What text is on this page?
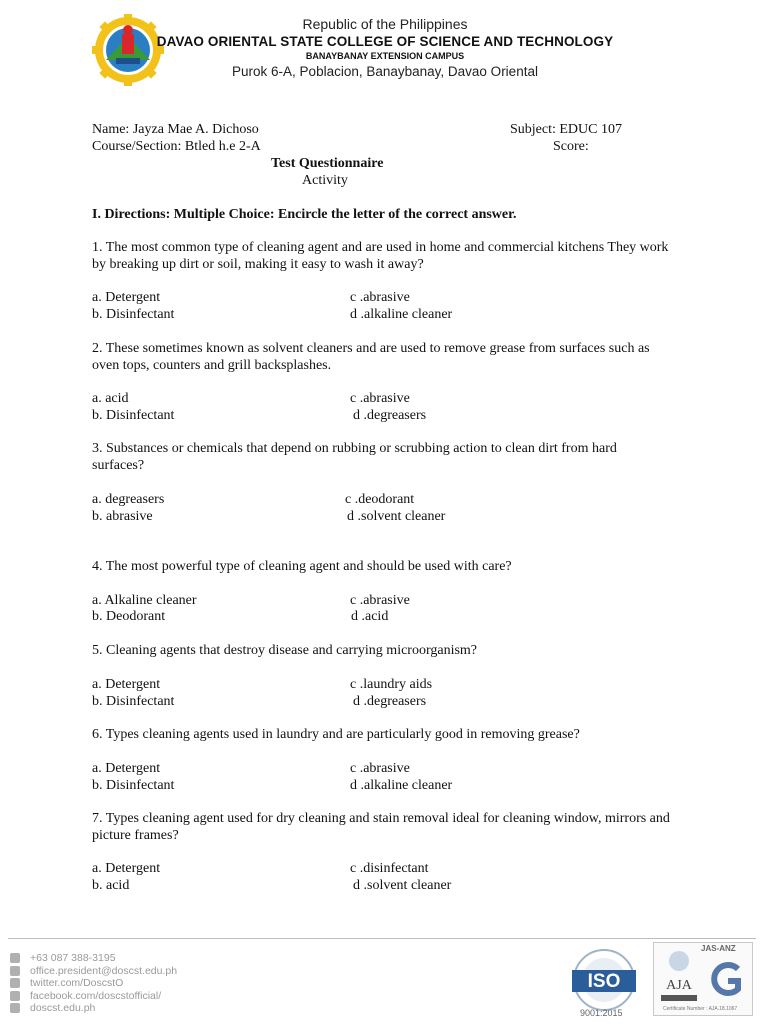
Republic of the Philippines
DAVAO ORIENTAL STATE COLLEGE OF SCIENCE AND TECHNOLOGY
BANAYBANAY EXTENSION CAMPUS
Purok 6-A, Poblacion, Banaybanay, Davao Oriental
Name: Jayza Mae A. Dichoso	Subject: EDUC 107
Course/Section: Btled h.e 2-A	Score:
Test Questionnaire
Activity
I. Directions: Multiple Choice: Encircle the letter of the correct answer.
1. The most common type of cleaning agent and are used in home and commercial kitchens They work by breaking up dirt or soil, making it easy to wash it away?
a. Detergent	c .abrasive
b. Disinfectant	d .alkaline cleaner
2. These sometimes known as solvent cleaners and are used to remove grease from surfaces such as oven tops, counters and grill backsplashes.
a. acid	c .abrasive
b. Disinfectant	d .degreasers
3. Substances or chemicals that depend on rubbing or scrubbing action to clean dirt from hard surfaces?
a. degreasers	c .deodorant
b. abrasive	d .solvent cleaner
4. The most powerful type of cleaning agent and should be used with care?
a. Alkaline cleaner	c .abrasive
b. Deodorant	d .acid
5. Cleaning agents that destroy disease and carrying microorganism?
a. Detergent	c .laundry aids
b. Disinfectant	d .degreasers
6. Types cleaning agents used in laundry and are particularly good in removing grease?
a. Detergent	c .abrasive
b. Disinfectant	d .alkaline cleaner
7. Types cleaning agent used for dry cleaning and stain removal ideal for cleaning window, mirrors and picture frames?
a. Detergent	c .disinfectant
b. acid	d .solvent cleaner
+63 087 388-3195
office.president@doscst.edu.ph
twitter.com/DoscstO
facebook.com/doscstofficial/
doscst.edu.ph
ISO
9001:2015
AJA
JAS-ANZ
Certificate Number : AJA.18.1067
